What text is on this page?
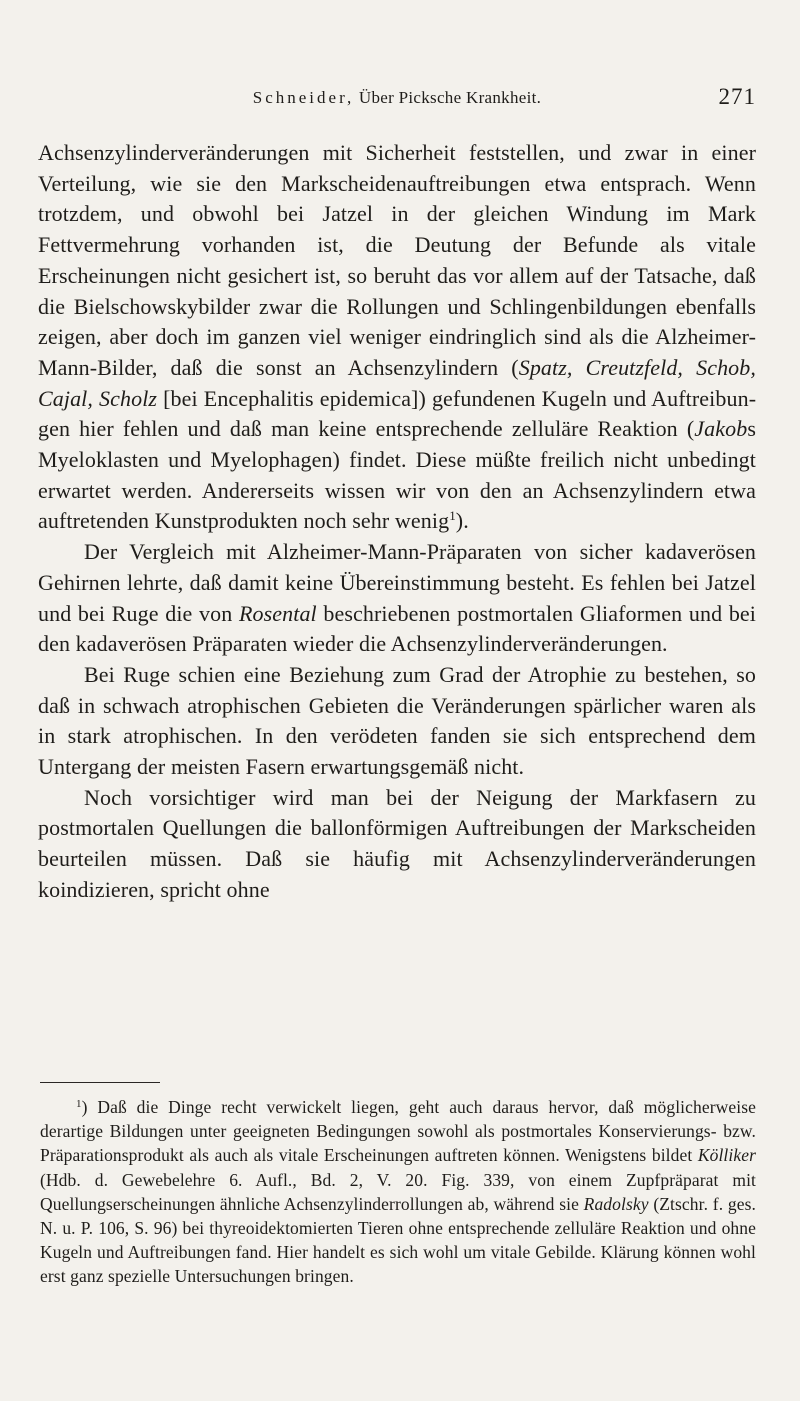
Schneider, Über Picksche Krankheit.	271

Achsenzylinderveränderungen mit Sicherheit feststellen, und zwar in einer Verteilung, wie sie den Markscheidenauftreibungen etwa entsprach. Wenn trotzdem, und obwohl bei Jatzel in der gleichen Windung im Mark Fettvermehrung vorhanden ist, die Deutung der Befunde als vitale Erscheinungen nicht gesichert ist, so beruht das vor allem auf der Tatsache, daß die Bielschowskybilder zwar die Rollungen und Schlingenbildungen ebenfalls zeigen, aber doch im ganzen viel weniger eindringlich sind als die Alzheimer-Mann-Bilder, daß die sonst an Achsenzylindern (Spatz, Creutzfeld, Schob, Cajal, Scholz [bei Encephalitis epidemica]) gefundenen Kugeln und Auftreibungen hier fehlen und daß man keine entsprechende zelluläre Reaktion (Jakobs Myeloklasten und Myelophagen) findet. Diese müßte freilich nicht unbedingt erwartet werden. Andererseits wissen wir von den an Achsenzylindern etwa auftretenden Kunstprodukten noch sehr wenig$^1$).

Der Vergleich mit Alzheimer-Mann-Präparaten von sicher kadaverösen Gehirnen lehrte, daß damit keine Übereinstimmung besteht. Es fehlen bei Jatzel und bei Ruge die von Rosental beschriebenen postmortalen Gliaformen und bei den kadaverösen Präparaten wieder die Achsenzylinderveränderungen.

Bei Ruge schien eine Beziehung zum Grad der Atrophie zu bestehen, so daß in schwach atrophischen Gebieten die Veränderungen spärlicher waren als in stark atrophischen. In den verödeten fanden sie sich entsprechend dem Untergang der meisten Fasern erwartungsgemäß nicht.

Noch vorsichtiger wird man bei der Neigung der Markfasern zu postmortalen Quellungen die ballonförmigen Auftreibungen der Markscheiden beurteilen müssen. Daß sie häufig mit Achsenzylinderveränderungen koindizieren, spricht ohne

$^1$) Daß die Dinge recht verwickelt liegen, geht auch daraus hervor, daß möglicherweise derartige Bildungen unter geeigneten Bedingungen sowohl als postmortales Konservierungs- bzw. Präparationsprodukt als auch als vitale Erscheinungen auftreten können. Wenigstens bildet Kölliker (Hdb. d. Gewebelehre 6. Aufl., Bd. 2, V. 20. Fig. 339, von einem Zupfpräparat mit Quellungserscheinungen ähnliche Achsenzylinderrollungen ab, während sie Radolsky (Ztschr. f. ges. N. u. P. 106, S. 96) bei thyreoidektomierten Tieren ohne entsprechende zelluläre Reaktion und ohne Kugeln und Auftreibungen fand. Hier handelt es sich wohl um vitale Gebilde. Klärung können wohl erst ganz spezielle Untersuchungen bringen.
